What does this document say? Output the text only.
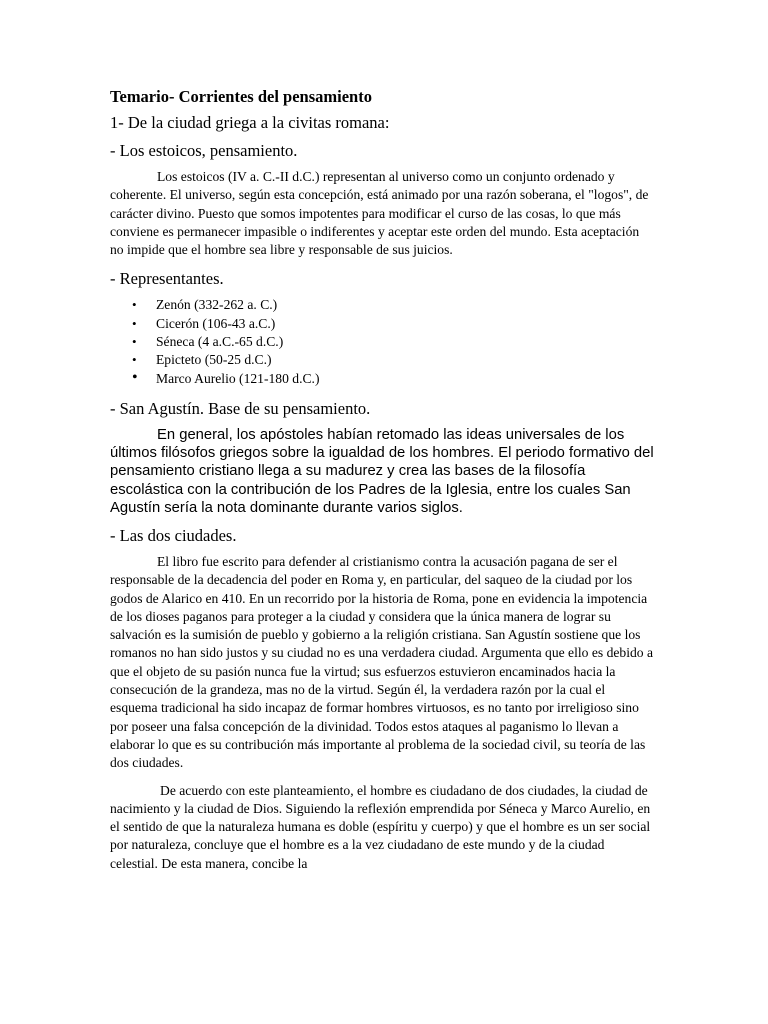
Temario- Corrientes del pensamiento
1- De la ciudad griega a la civitas romana:
- Los estoicos, pensamiento.

Los estoicos (IV a. C.-II d.C.) representan al universo como un conjunto ordenado y coherente. El universo, según esta concepción, está animado por una razón soberana, el "logos", de carácter divino. Puesto que somos impotentes para modificar el curso de las cosas, lo que más conviene es permanecer impasible o indiferentes y aceptar este orden del mundo. Esta aceptación no impide que el hombre sea libre y responsable de sus juicios.

- Representantes.
• Zenón (332-262 a. C.)
• Cicerón (106-43 a.C.)
• Séneca (4 a.C.-65 d.C.)
• Epicteto (50-25 d.C.)
• Marco Aurelio (121-180 d.C.)
- San Agustín. Base de su pensamiento.

En general, los apóstoles habían retomado las ideas universales de los últimos filósofos griegos sobre la igualdad de los hombres. El periodo formativo del pensamiento cristiano llega a su madurez y crea las bases de la filosofía escolástica con la contribución de los Padres de la Iglesia, entre los cuales San Agustín sería la nota dominante durante varios siglos.

- Las dos ciudades.

El libro fue escrito para defender al cristianismo contra la acusación pagana de ser el responsable de la decadencia del poder en Roma y, en particular, del saqueo de la ciudad por los godos de Alarico en 410. En un recorrido por la historia de Roma, pone en evidencia la impotencia de los dioses paganos para proteger a la ciudad y considera que la única manera de lograr su salvación es la sumisión de pueblo y gobierno a la religión cristiana. San Agustín sostiene que los romanos no han sido justos y su ciudad no es una verdadera ciudad. Argumenta que ello es debido a que el objeto de su pasión nunca fue la virtud; sus esfuerzos estuvieron encaminados hacia la consecución de la grandeza, mas no de la virtud. Según él, la verdadera razón por la cual el esquema tradicional ha sido incapaz de formar hombres virtuosos, es no tanto por irreligioso sino por poseer una falsa concepción de la divinidad. Todos estos ataques al paganismo lo llevan a elaborar lo que es su contribución más importante al problema de la sociedad civil, su teoría de las dos ciudades.

De acuerdo con este planteamiento, el hombre es ciudadano de dos ciudades, la ciudad de nacimiento y la ciudad de Dios. Siguiendo la reflexión emprendida por Séneca y Marco Aurelio, en el sentido de que la naturaleza humana es doble (espíritu y cuerpo) y que el hombre es un ser social por naturaleza, concluye que el hombre es a la vez ciudadano de este mundo y de la ciudad celestial. De esta manera, concibe la
